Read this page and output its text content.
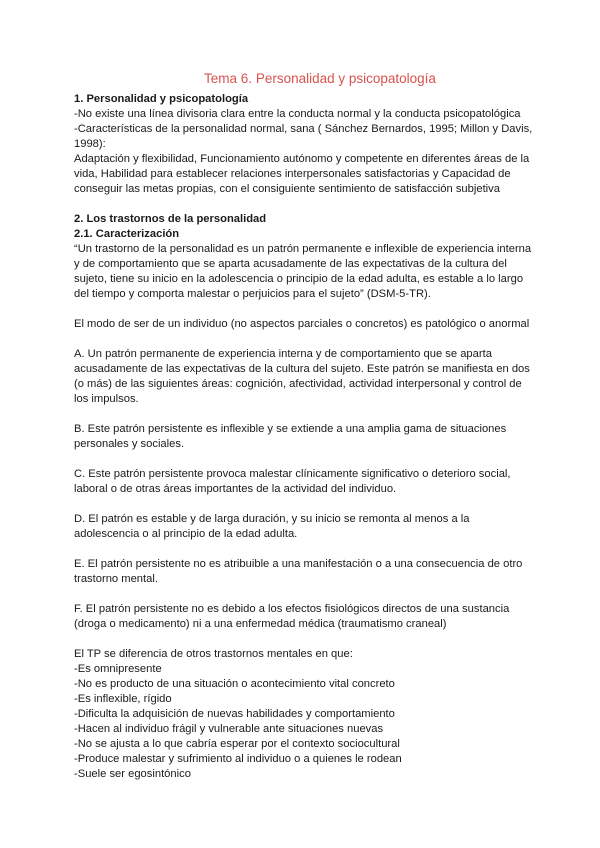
Tema 6. Personalidad y psicopatología
1. Personalidad y psicopatología
-No existe una línea divisoria clara entre la conducta normal y la conducta psicopatológica
-Características de la personalidad normal, sana ( Sánchez Bernardos, 1995; Millon y Davis,
1998):
Adaptación y flexibilidad, Funcionamiento autónomo y competente en diferentes áreas de la
vida, Habilidad para establecer relaciones interpersonales satisfactorias y Capacidad de
conseguir las metas propias, con el consiguiente sentimiento de satisfacción subjetiva
2. Los trastornos de la personalidad
2.1. Caracterización
“Un trastorno de la personalidad es un patrón permanente e inflexible de experiencia interna
y de comportamiento que se aparta acusadamente de las expectativas de la cultura del
sujeto, tiene su inicio en la adolescencia o principio de la edad adulta, es estable a lo largo
del tiempo y comporta malestar o perjuicios para el sujeto” (DSM-5-TR).
El modo de ser de un individuo (no aspectos parciales o concretos) es patológico o anormal
A. Un patrón permanente de experiencia interna y de comportamiento que se aparta
acusadamente de las expectativas de la cultura del sujeto. Este patrón se manifiesta en dos
(o más) de las siguientes áreas: cognición, afectividad, actividad interpersonal y control de
los impulsos.
B. Este patrón persistente es inflexible y se extiende a una amplia gama de situaciones
personales y sociales.
C. Este patrón persistente provoca malestar clínicamente significativo o deterioro social,
laboral o de otras áreas importantes de la actividad del individuo.
D. El patrón es estable y de larga duración, y su inicio se remonta al menos a la
adolescencia o al principio de la edad adulta.
E. El patrón persistente no es atribuible a una manifestación o a una consecuencia de otro
trastorno mental.
F. El patrón persistente no es debido a los efectos fisiológicos directos de una sustancia
(droga o medicamento) ni a una enfermedad médica (traumatismo craneal)
El TP se diferencia de otros trastornos mentales en que:
-Es omnipresente
-No es producto de una situación o acontecimiento vital concreto
-Es inflexible, rígido
-Dificulta la adquisición de nuevas habilidades y comportamiento
-Hacen al individuo frágil y vulnerable ante situaciones nuevas
-No se ajusta a lo que cabría esperar por el contexto sociocultural
-Produce malestar y sufrimiento al individuo o a quienes le rodean
-Suele ser egosintónico
